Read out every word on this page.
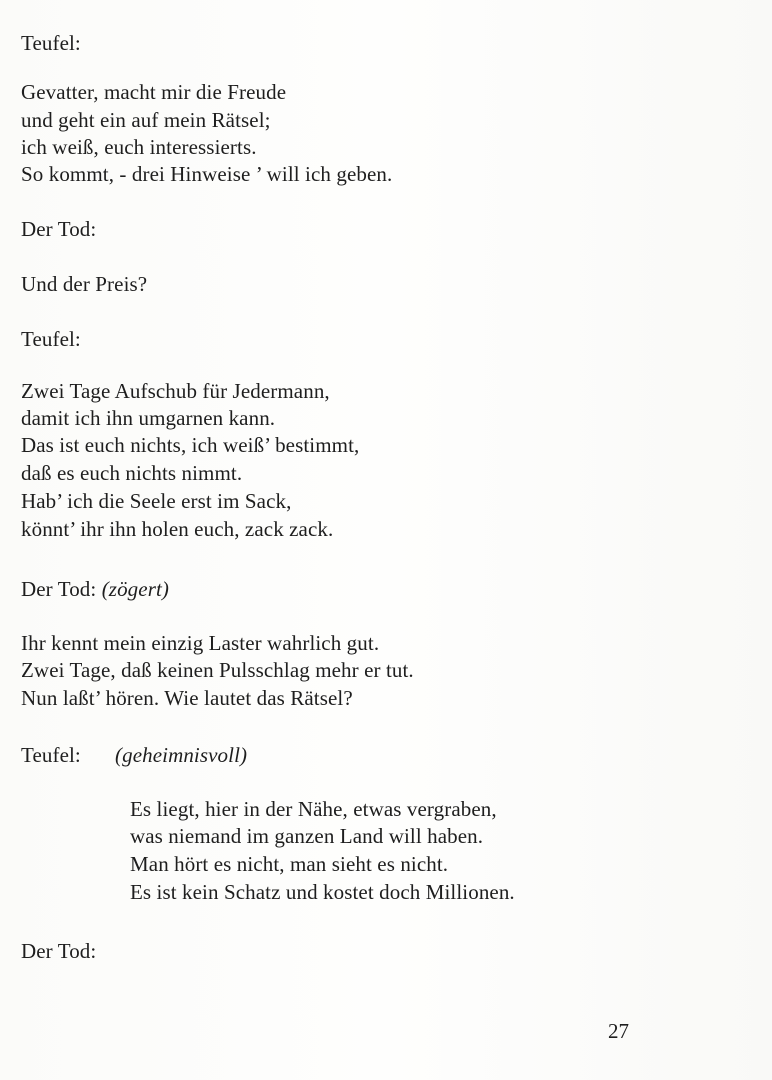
Teufel:
Gevatter, macht mir die Freude
und geht ein auf mein Rätsel;
ich weiß, euch interessierts.
So kommt, - drei Hinweise ’ will ich geben.
Der Tod:
Und der Preis?
Teufel:
Zwei Tage Aufschub für Jedermann,
damit ich ihn umgarnen kann.
Das ist euch nichts, ich weiß’ bestimmt,
daß es euch nichts nimmt.
Hab’ ich die Seele erst im Sack,
könnt’ ihr ihn holen euch, zack zack.
Der Tod: (zögert)
Ihr kennt mein einzig Laster wahrlich gut.
Zwei Tage, daß keinen Pulsschlag mehr er tut.
Nun laßt’ hören. Wie lautet das Rätsel?
Teufel: (geheimnisvoll)
Es liegt, hier in der Nähe, etwas vergraben,
was niemand im ganzen Land will haben.
Man hört es nicht, man sieht es nicht.
Es ist kein Schatz und kostet doch Millionen.
Der Tod:
27
